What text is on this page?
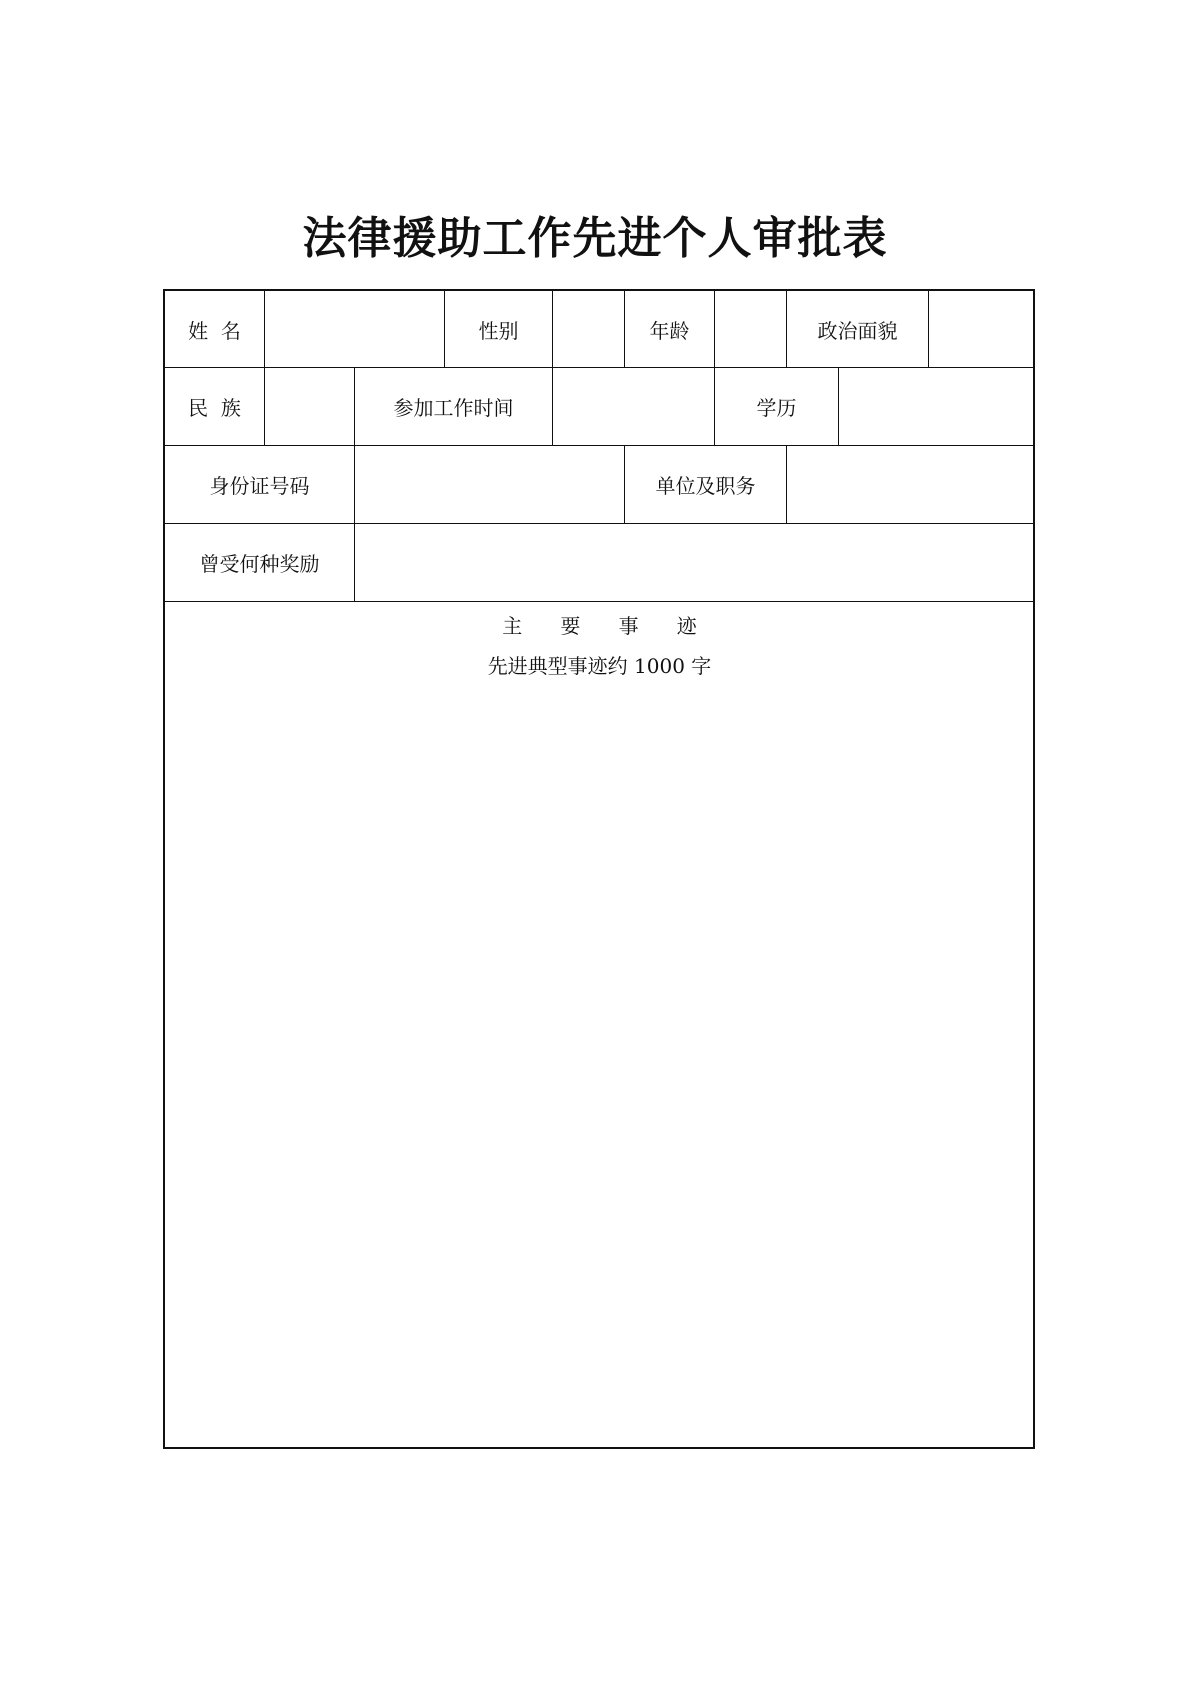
法律援助工作先进个人审批表
姓  名	性别	年龄	政治面貌
民  族	参加工作时间	学历
身份证号码	单位及职务
曾受何种奖励
主      要      事      迹
先进典型事迹约 1000 字
